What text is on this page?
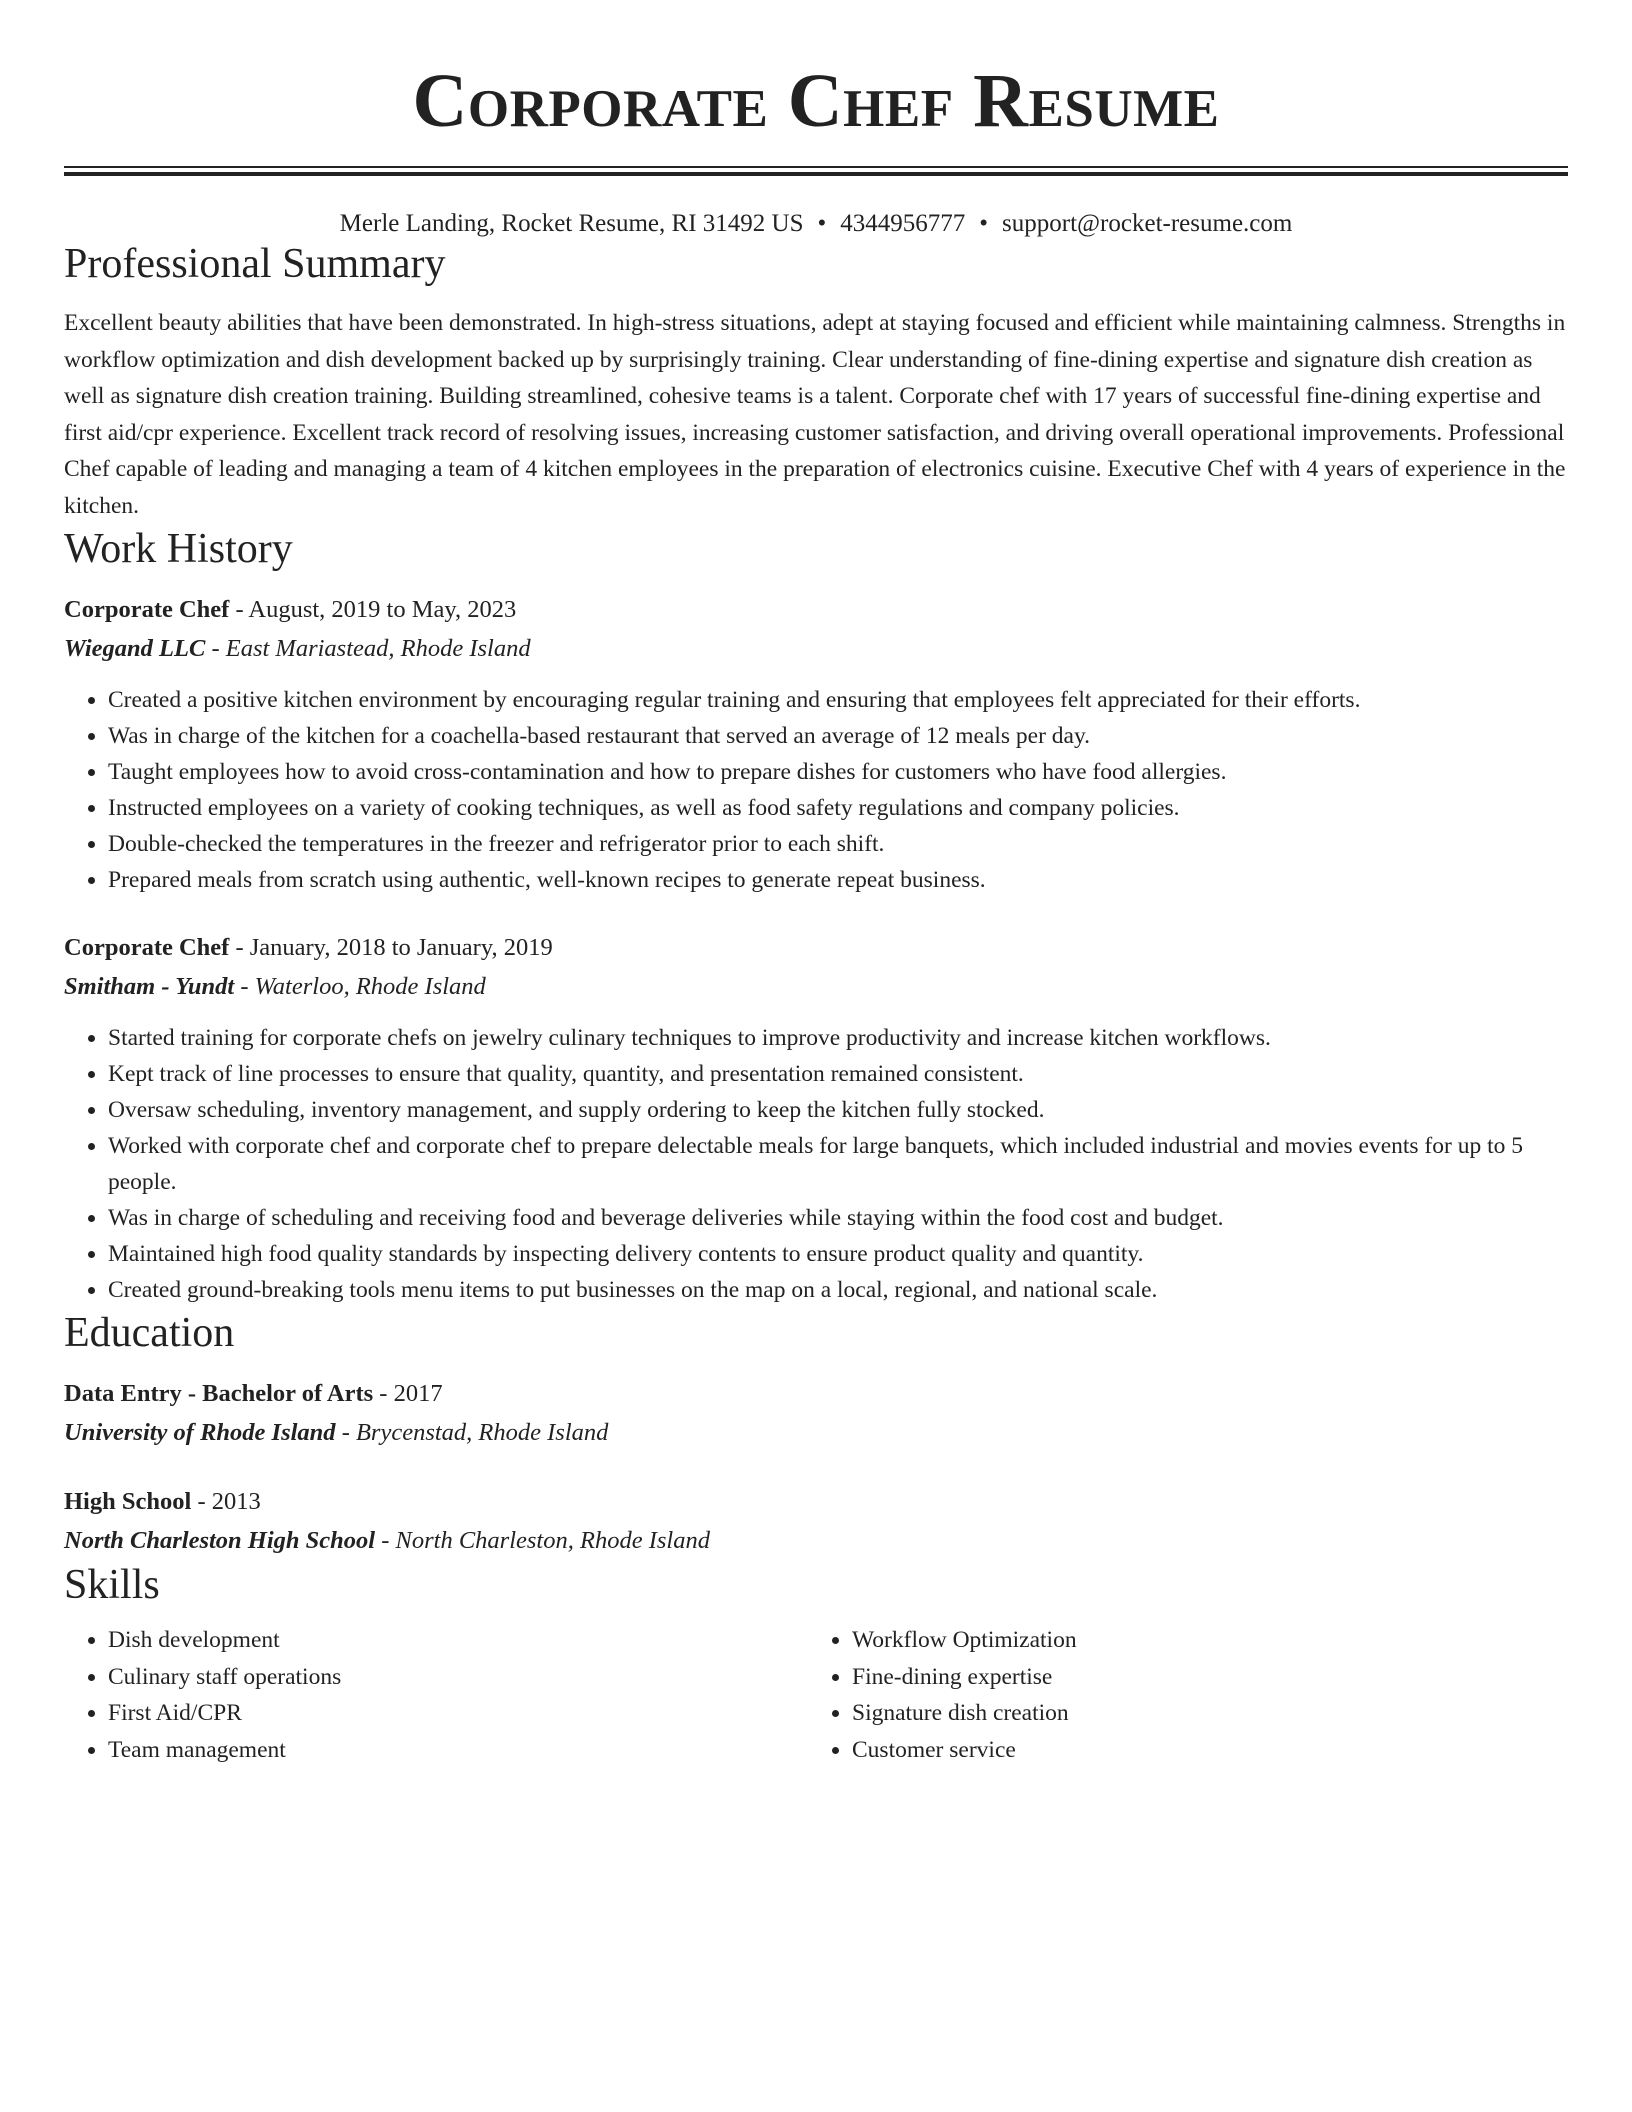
Corporate Chef Resume
Merle Landing, Rocket Resume, RI 31492 US • 4344956777 • support@rocket-resume.com
Professional Summary

Excellent beauty abilities that have been demonstrated. In high-stress situations, adept at staying focused and efficient while maintaining calmness. Strengths in workflow optimization and dish development backed up by surprisingly training. Clear understanding of fine-dining expertise and signature dish creation as well as signature dish creation training. Building streamlined, cohesive teams is a talent. Corporate chef with 17 years of successful fine-dining expertise and first aid/cpr experience. Excellent track record of resolving issues, increasing customer satisfaction, and driving overall operational improvements. Professional Chef capable of leading and managing a team of 4 kitchen employees in the preparation of electronics cuisine. Executive Chef with 4 years of experience in the kitchen.

Work History
Corporate Chef - August, 2019 to May, 2023
Wiegand LLC - East Mariastead, Rhode Island
• Created a positive kitchen environment by encouraging regular training and ensuring that employees felt appreciated for their efforts.
• Was in charge of the kitchen for a coachella-based restaurant that served an average of 12 meals per day.
• Taught employees how to avoid cross-contamination and how to prepare dishes for customers who have food allergies.
• Instructed employees on a variety of cooking techniques, as well as food safety regulations and company policies.
• Double-checked the temperatures in the freezer and refrigerator prior to each shift.
• Prepared meals from scratch using authentic, well-known recipes to generate repeat business.
Corporate Chef - January, 2018 to January, 2019
Smitham - Yundt - Waterloo, Rhode Island
• Started training for corporate chefs on jewelry culinary techniques to improve productivity and increase kitchen workflows.
• Kept track of line processes to ensure that quality, quantity, and presentation remained consistent.
• Oversaw scheduling, inventory management, and supply ordering to keep the kitchen fully stocked.
• Worked with corporate chef and corporate chef to prepare delectable meals for large banquets, which included industrial and movies events for up to 5 people.
• Was in charge of scheduling and receiving food and beverage deliveries while staying within the food cost and budget.
• Maintained high food quality standards by inspecting delivery contents to ensure product quality and quantity.
• Created ground-breaking tools menu items to put businesses on the map on a local, regional, and national scale.
Education
Data Entry - Bachelor of Arts - 2017
University of Rhode Island - Brycenstad, Rhode Island
High School - 2013
North Charleston High School - North Charleston, Rhode Island
Skills
• Dish development
• Culinary staff operations
• First Aid/CPR
• Team management
• Workflow Optimization
• Fine-dining expertise
• Signature dish creation
• Customer service
